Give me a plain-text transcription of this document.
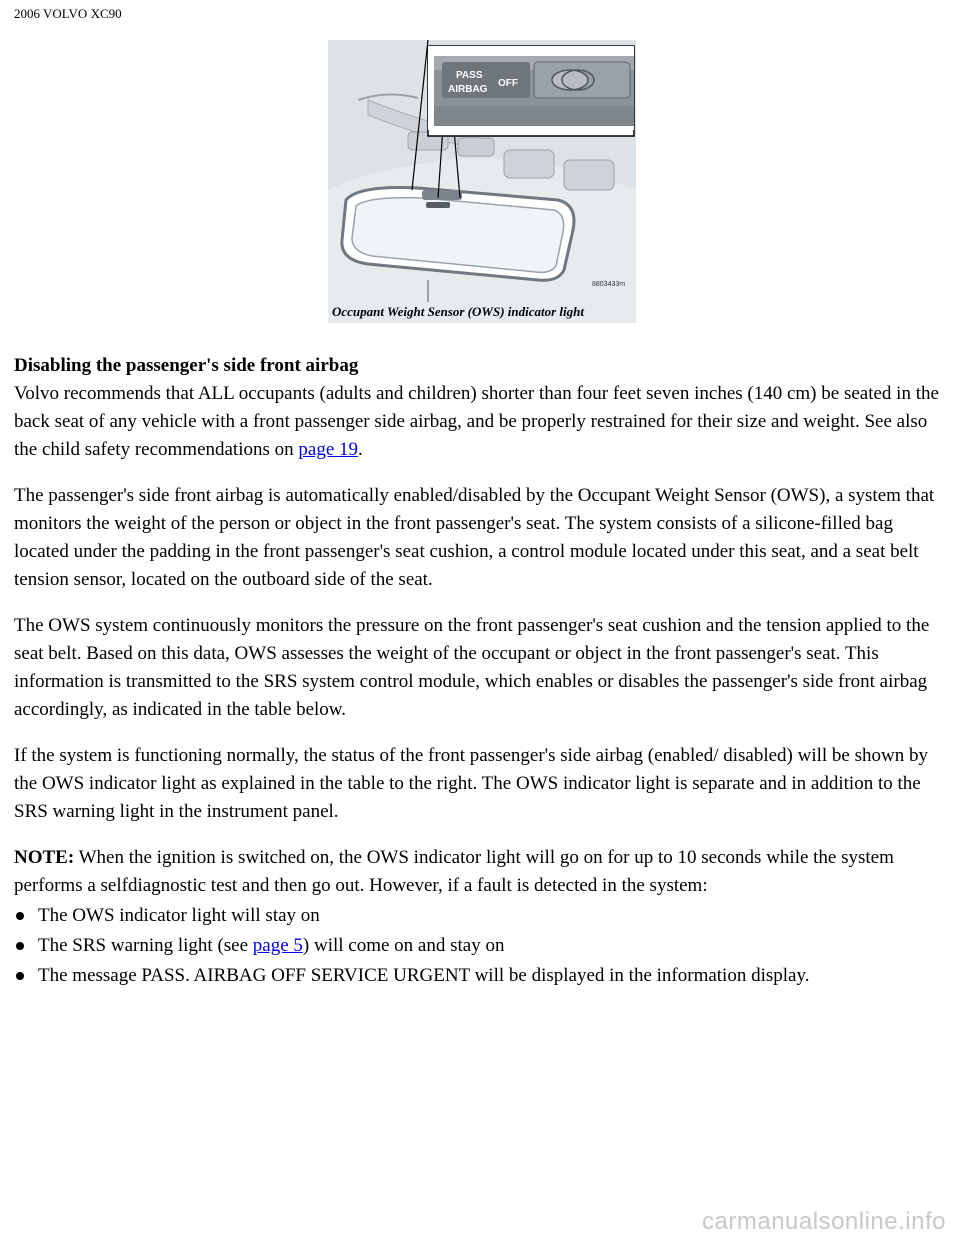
2006 VOLVO XC90
PASS
AIRBAG
OFF
8803433m
Occupant Weight Sensor (OWS) indicator light

Disabling the passenger's side front airbag
Volvo recommends that ALL occupants (adults and children) shorter than four feet seven inches (140 cm) be seated in the back seat of any vehicle with a front passenger side airbag, and be properly restrained for their size and weight. See also the child safety recommendations on page 19.

The passenger's side front airbag is automatically enabled/disabled by the Occupant Weight Sensor (OWS), a system that monitors the weight of the person or object in the front passenger's seat. The system consists of a silicone-filled bag located under the padding in the front passenger's seat cushion, a control module located under this seat, and a seat belt tension sensor, located on the outboard side of the seat.

The OWS system continuously monitors the pressure on the front passenger's seat cushion and the tension applied to the seat belt. Based on this data, OWS assesses the weight of the occupant or object in the front passenger's seat. This information is transmitted to the SRS system control module, which enables or disables the passenger's side front airbag accordingly, as indicated in the table below.

If the system is functioning normally, the status of the front passenger's side airbag (enabled/ disabled) will be shown by the OWS indicator light as explained in the table to the right. The OWS indicator light is separate and in addition to the SRS warning light in the instrument panel.

NOTE: When the ignition is switched on, the OWS indicator light will go on for up to 10 seconds while the system performs a selfdiagnostic test and then go out. However, if a fault is detected in the system:

The OWS indicator light will stay on
The SRS warning light (see page 5) will come on and stay on
The message PASS. AIRBAG OFF SERVICE URGENT will be displayed in the information display.
carmanualsonline.info
